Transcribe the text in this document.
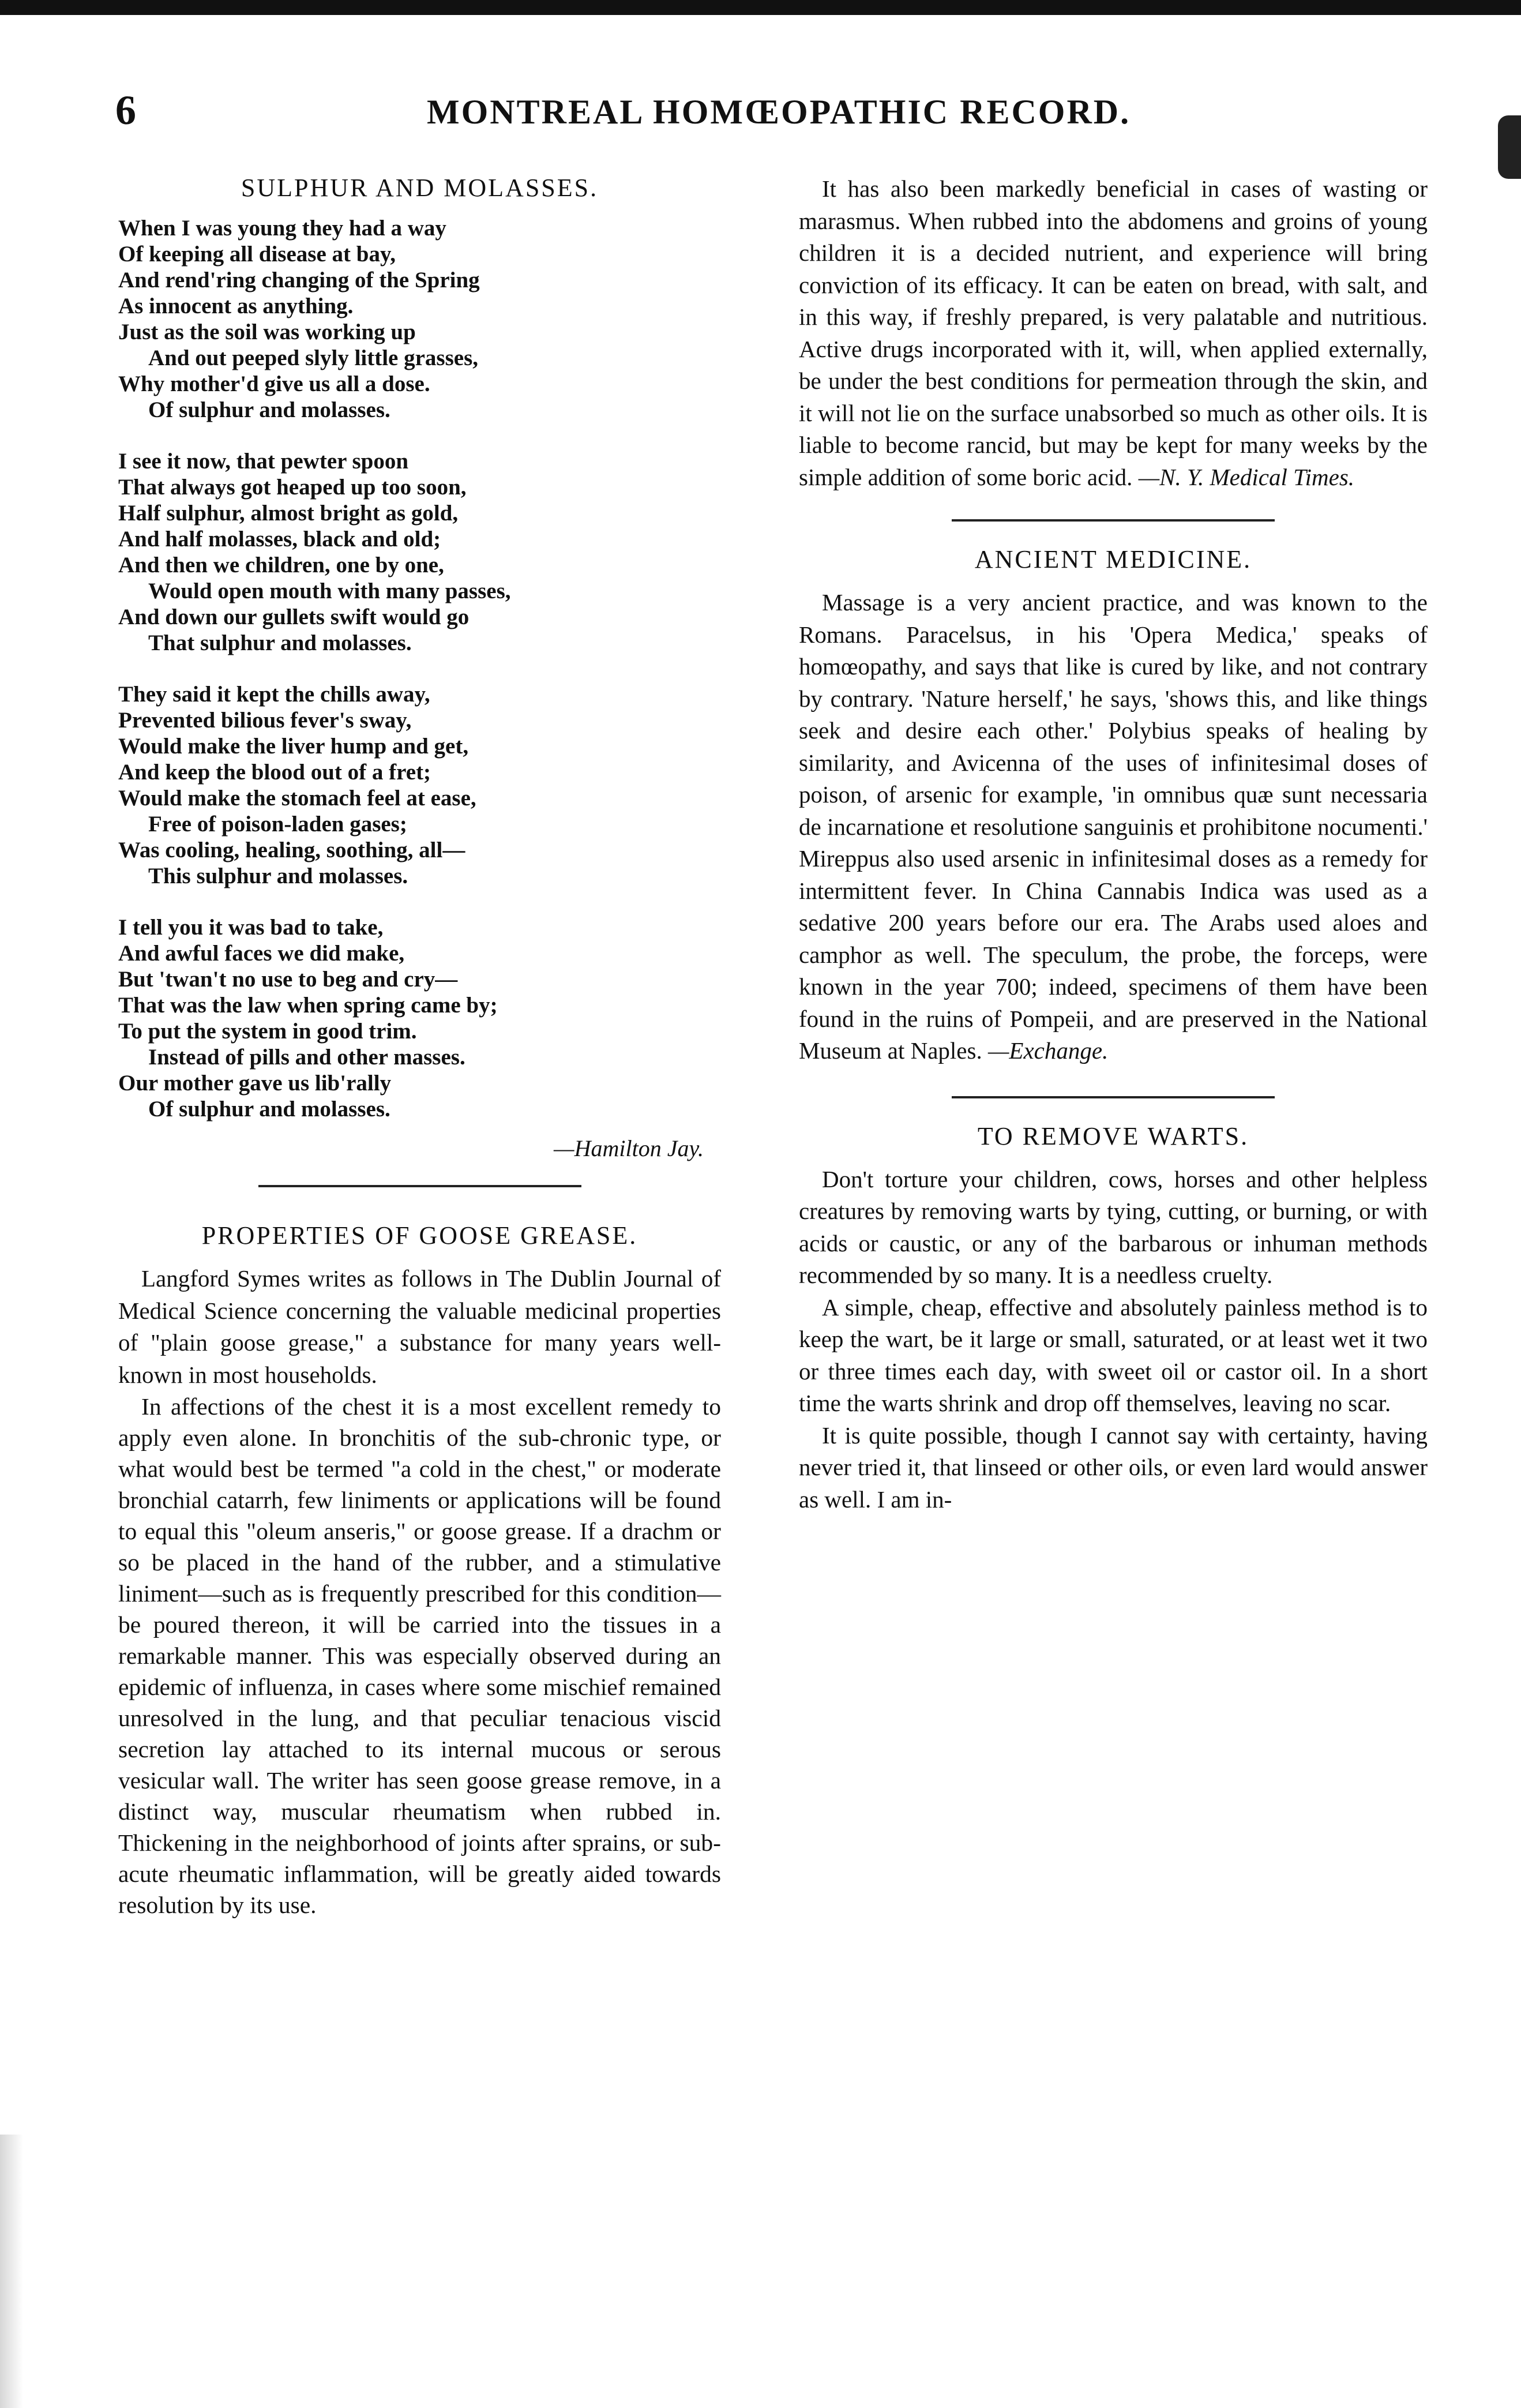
6	MONTREAL HOMŒOPATHIC RECORD.
SULPHUR AND MOLASSES.
When I was young they had a way
Of keeping all disease at bay,
And rend'ring changing of the Spring
As innocent as anything.
Just as the soil was working up
And out peeped slyly little grasses,
Why mother'd give us all a dose.
Of sulphur and molasses.
I see it now, that pewter spoon
That always got heaped up too soon,
Half sulphur, almost bright as gold,
And half molasses, black and old;
And then we children, one by one,
Would open mouth with many passes,
And down our gullets swift would go
That sulphur and molasses.
They said it kept the chills away,
Prevented bilious fever's sway,
Would make the liver hump and get,
And keep the blood out of a fret;
Would make the stomach feel at ease,
Free of poison-laden gases;
Was cooling, healing, soothing, all—
This sulphur and molasses.
I tell you it was bad to take,
And awful faces we did make,
But 'twan't no use to beg and cry—
That was the law when spring came by;
To put the system in good trim.
Instead of pills and other masses.
Our mother gave us lib'rally
Of sulphur and molasses.
—Hamilton Jay.
PROPERTIES OF GOOSE GREASE.

Langford Symes writes as follows in The Dublin Journal of Medical Science concerning the valuable medicinal properties of "plain goose grease," a substance for many years well-known in most households.

In affections of the chest it is a most excellent remedy to apply even alone. In bronchitis of the sub-chronic type, or what would best be termed "a cold in the chest," or moderate bronchial catarrh, few liniments or applications will be found to equal this "oleum anseris," or goose grease. If a drachm or so be placed in the hand of the rubber, and a stimulative liniment—such as is frequently prescribed for this condition—be poured thereon, it will be carried into the tissues in a remarkable manner. This was especially observed during an epidemic of influenza, in cases where some mischief remained unresolved in the lung, and that peculiar tenacious viscid secretion lay attached to its internal mucous or serous vesicular wall. The writer has seen goose grease remove, in a distinct way, muscular rheumatism when rubbed in. Thickening in the neighborhood of joints after sprains, or sub-acute rheumatic inflammation, will be greatly aided towards resolution by its use.

It has also been markedly beneficial in cases of wasting or marasmus. When rubbed into the abdomens and groins of young children it is a decided nutrient, and experience will bring conviction of its efficacy. It can be eaten on bread, with salt, and in this way, if freshly prepared, is very palatable and nutritious. Active drugs incorporated with it, will, when applied externally, be under the best conditions for permeation through the skin, and it will not lie on the surface unabsorbed so much as other oils. It is liable to become rancid, but may be kept for many weeks by the simple addition of some boric acid. —N. Y. Medical Times.

ANCIENT MEDICINE.

Massage is a very ancient practice, and was known to the Romans. Paracelsus, in his 'Opera Medica,' speaks of homœopathy, and says that like is cured by like, and not contrary by contrary. 'Nature herself,' he says, 'shows this, and like things seek and desire each other.' Polybius speaks of healing by similarity, and Avicenna of the uses of infinitesimal doses of poison, of arsenic for example, 'in omnibus quæ sunt necessaria de incarnatione et resolutione sanguinis et prohibitone nocumenti.' Mireppus also used arsenic in infinitesimal doses as a remedy for intermittent fever. In China Cannabis Indica was used as a sedative 200 years before our era. The Arabs used aloes and camphor as well. The speculum, the probe, the forceps, were known in the year 700; indeed, specimens of them have been found in the ruins of Pompeii, and are preserved in the National Museum at Naples. —Exchange.

TO REMOVE WARTS.

Don't torture your children, cows, horses and other helpless creatures by removing warts by tying, cutting, or burning, or with acids or caustic, or any of the barbarous or inhuman methods recommended by so many. It is a needless cruelty.

A simple, cheap, effective and absolutely painless method is to keep the wart, be it large or small, saturated, or at least wet it two or three times each day, with sweet oil or castor oil. In a short time the warts shrink and drop off themselves, leaving no scar.

It is quite possible, though I cannot say with certainty, having never tried it, that linseed or other oils, or even lard would answer as well. I am in-
